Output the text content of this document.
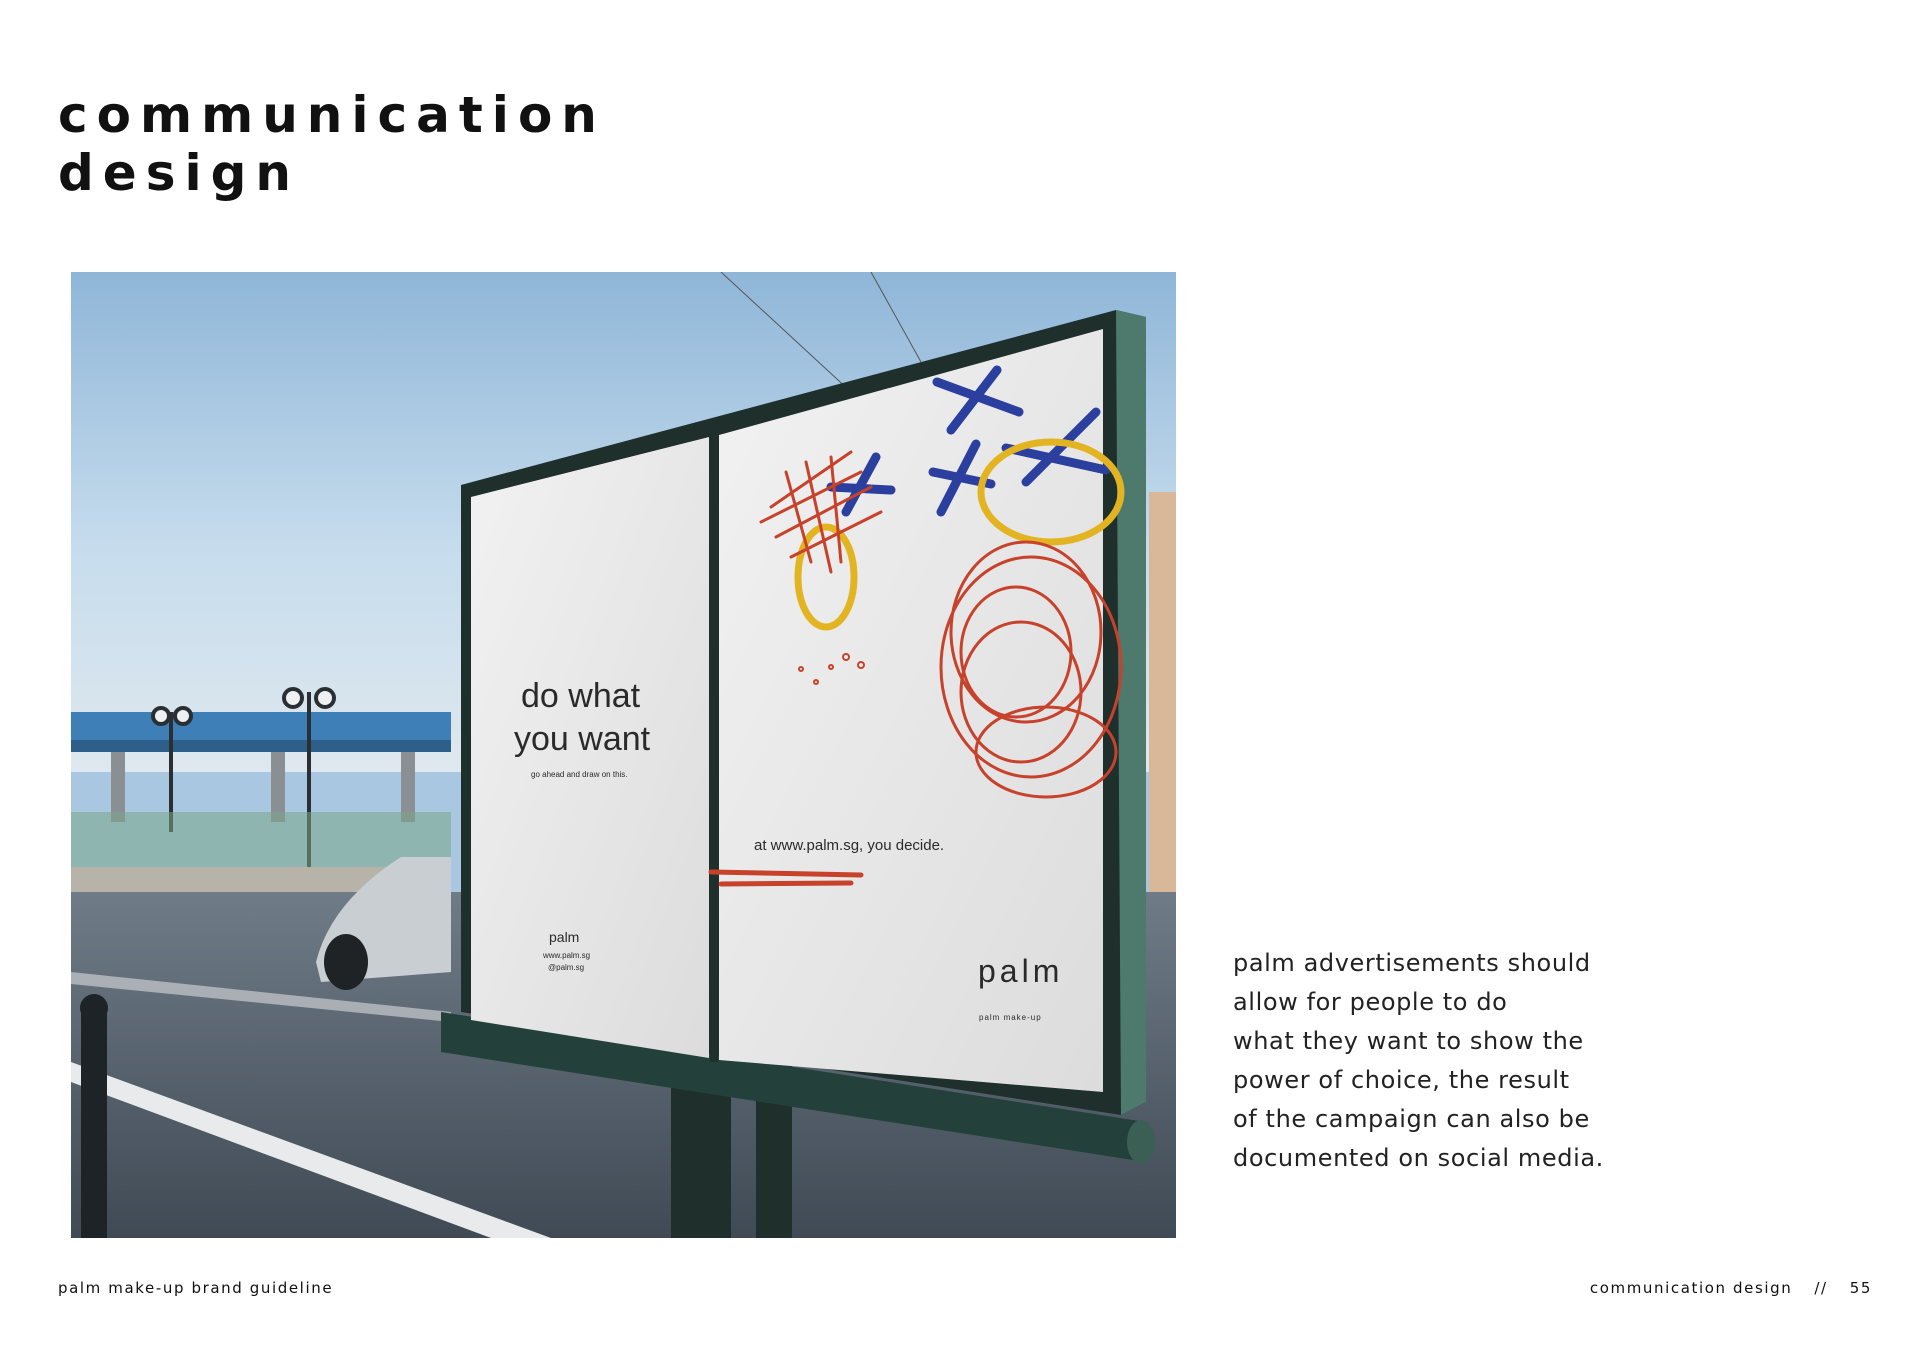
communication
design
do what
you want
go ahead and draw on this.
palm
www.palm.sg
@palm.sg
at www.palm.sg, you decide.
palm
palm make-up
palm advertisements should
allow for people to do
what they want to show the
power of choice, the result
of the campaign can also be
documented on social media.
palm make-up brand guideline	communication design // 55
